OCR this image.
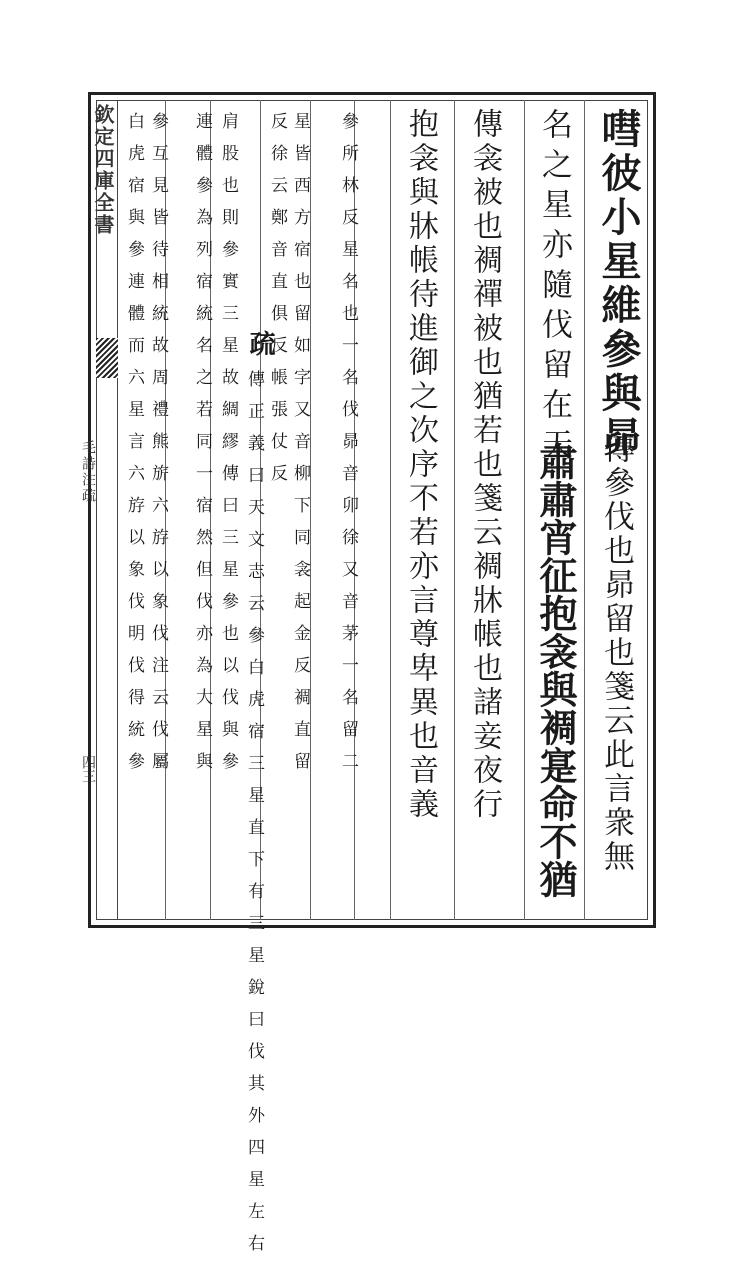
欽定四庫全書
毛詩注疏
四三
嘒彼小星維參與昴
傳參伐也昴留也箋云此言衆無
名之星亦隨伐留在天
肅肅宵征抱衾與裯寔命不猶
傳衾被也裯禪被也猶若也箋云裯牀帳也諸妾夜行
抱衾與牀帳待進御之次序不若亦言尊卑異也音義
參所林反星名也一名伐昴音卯徐又音茅一名留二
星皆西方宿也留如字又音柳下同衾起金反裯直留
反徐云鄭音直俱反帳張仗反
疏
傳正義曰天文志云參白虎宿三星直下有三星銳曰伐其外四星左右
肩股也則參實三星故綢繆傳曰三星參也以伐與參
連體參為列宿統名之若同一宿然但伐亦為大星與
參互見皆待相統故周禮熊旂六斿以象伐注云伐屬
白虎宿與參連體而六星言六斿以象伐明伐得統參
